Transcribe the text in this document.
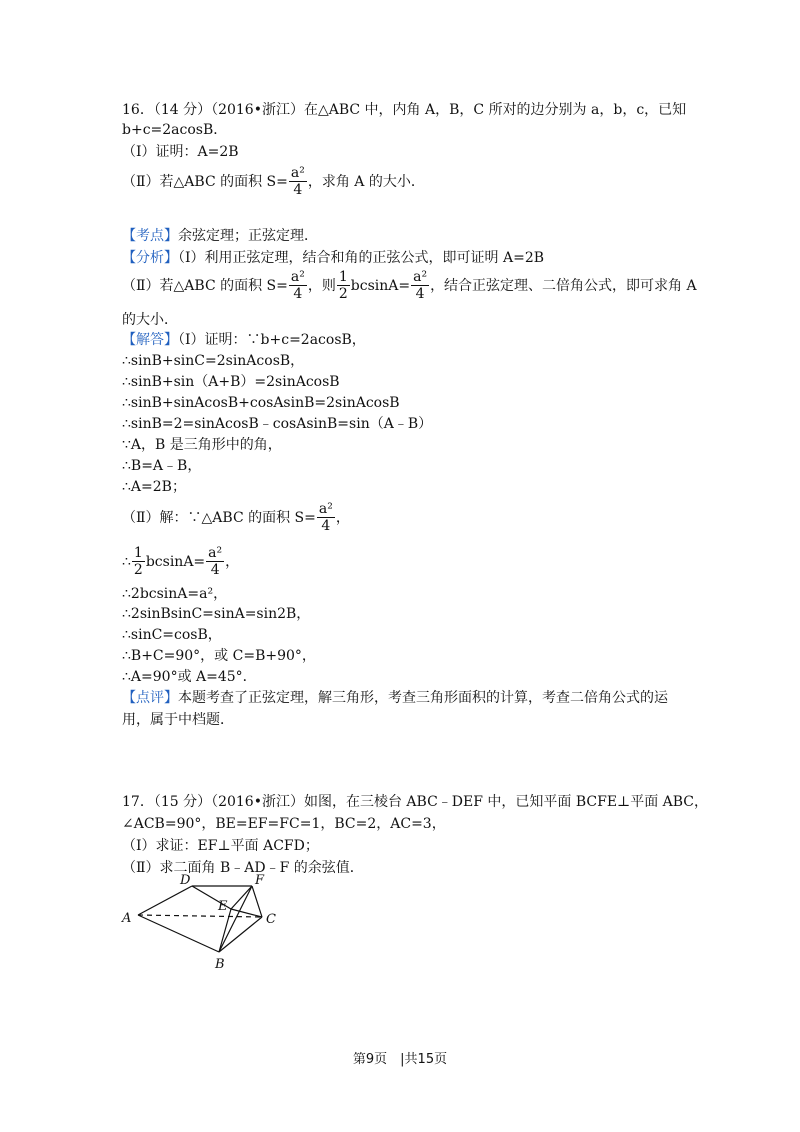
16．（14 分）（2016•浙江）在△ABC 中，内角 A，B，C 所对的边分别为 a，b，c，已知
b+c=2acosB．
（Ⅰ）证明：A=2B
（Ⅱ）若△ABC 的面积 $S= \frac{\text{a²}}{4}$ ，求角 A 的大小．
【考点】余弦定理；正弦定理．
【分析】（Ⅰ）利用正弦定理，结合和角的正弦公式，即可证明 A=2B
（Ⅱ）若△ABC 的面积 $S= \frac{\text{a²}}{4}$ ，则 $\frac{1}{2} bcsinA= \frac{\text{a²}}{4}$ ，结合正弦定理、二倍角公式，即可求角 A
的大小．
【解答】（Ⅰ）证明：∵b+c=2acosB，
∴sinB+sinC=2sinAcosB，
∴sinB+sin（A+B）=2sinAcosB
∴sinB+sinAcosB+cosAsinB=2sinAcosB
∴sinB=2=sinAcosB﹣cosAsinB=sin（A﹣B）
∵A，B 是三角形中的角，
∴B=A﹣B，
∴A=2B；
（Ⅱ）解：∵△ABC 的面积 $S= \frac{\text{a²}}{4}$ ，
∴ $\frac{1}{2} bcsinA= \frac{\text{a²}}{4}$ ，
∴2bcsinA=a²，
∴2sinBsinC=sinA=sin2B，
∴sinC=cosB，
∴B+C=90°，或 C=B+90°，
∴A=90°或 A=45°．
【点评】本题考查了正弦定理，解三角形，考查三角形面积的计算，考查二倍角公式的运
用，属于中档题．
17．（15 分）（2016•浙江）如图，在三棱台 ABC﹣DEF 中，已知平面 BCFE⊥平面 ABC，
∠ACB=90°，BE=EF=FC=1，BC=2，AC=3，
（Ⅰ）求证：EF⊥平面 ACFD；
（Ⅱ）求二面角 B﹣AD﹣F 的余弦值．
A
D	F
E
C
B
第9页　|共15页
